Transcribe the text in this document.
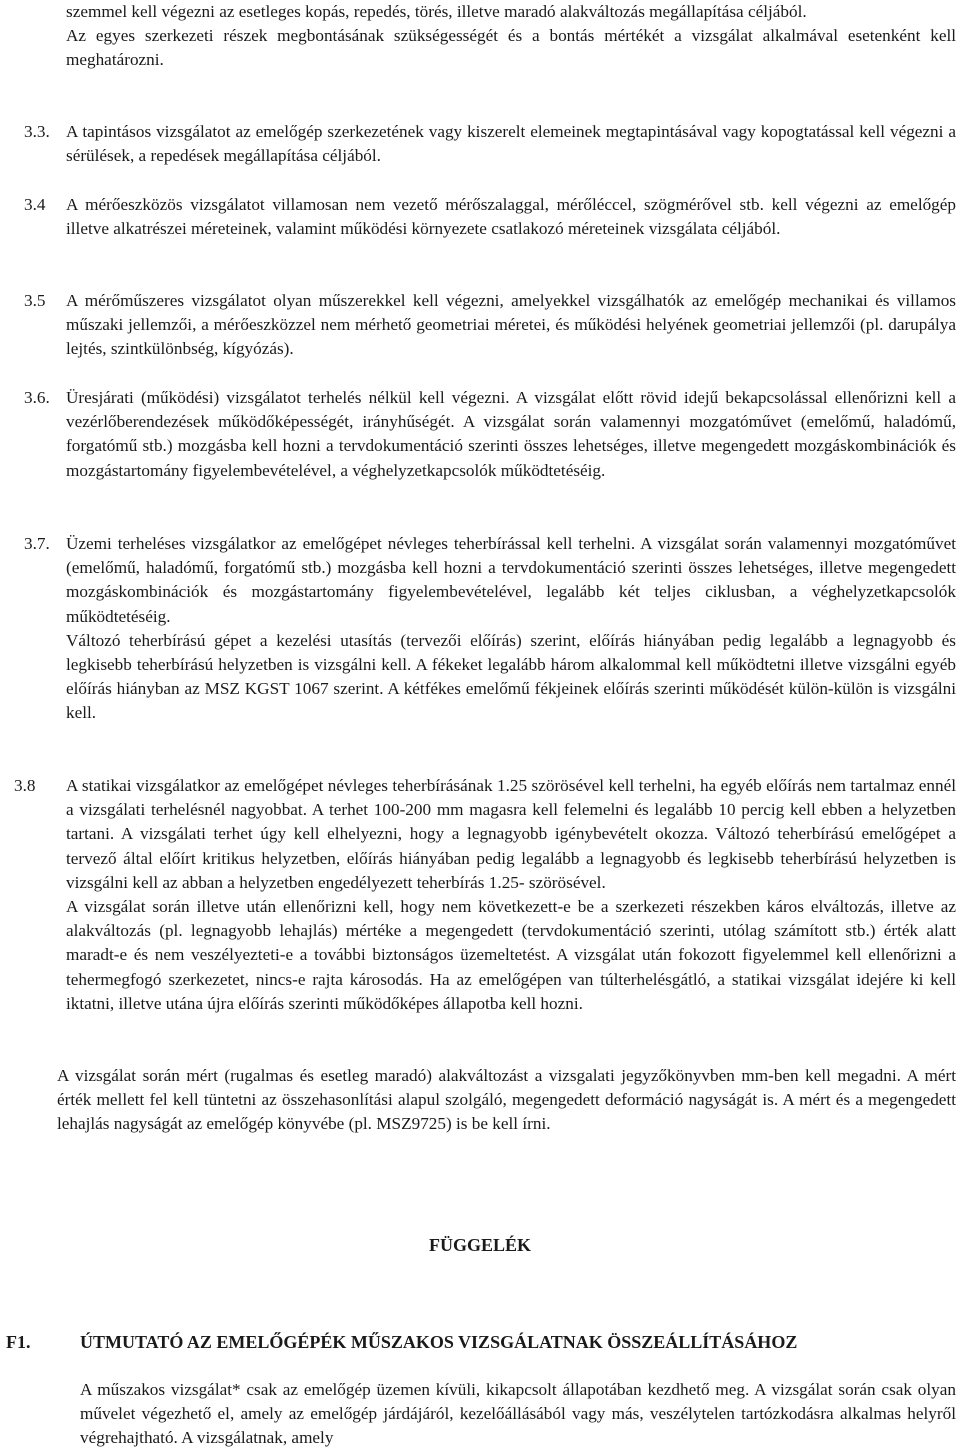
szemmel kell végezni az esetleges kopás, repedés, törés, illetve maradó alakváltozás megállapítása céljából.

Az egyes szerkezeti részek megbontásának szükségességét és a bontás mértékét a vizsgálat alkalmával esetenként kell meghatározni.

3.3. A tapintásos vizsgálatot az emelőgép szerkezetének vagy kiszerelt elemeinek megtapintásával vagy kopogtatással kell végezni a sérülések, a repedések megállapítása céljából.
3.4 A mérőeszközös vizsgálatot villamosan nem vezető mérőszalaggal, mérőléccel, szögmérővel stb. kell végezni az emelőgép illetve alkatrészei méreteinek, valamint működési környezete csatlakozó méreteinek vizsgálata céljából.
3.5 A mérőműszeres vizsgálatot olyan műszerekkel kell végezni, amelyekkel vizsgálhatók az emelőgép mechanikai és villamos műszaki jellemzői, a mérőeszközzel nem mérhető geometriai méretei, és működési helyének geometriai jellemzői (pl. darupálya lejtés, szintkülönbség, kígyózás).
3.6. Üresjárati (működési) vizsgálatot terhelés nélkül kell végezni. A vizsgálat előtt rövid idejű bekapcsolással ellenőrizni kell a vezérlőberendezések működőképességét, irányhűségét. A vizsgálat során valamennyi mozgatóművet (emelőmű, haladómű, forgatómű stb.) mozgásba kell hozni a tervdokumentáció szerinti összes lehetséges, illetve megengedett mozgáskombinációk és mozgástartomány figyelembevételével, a véghelyzetkapcsolók működtetéséig.
3.7. Üzemi terheléses vizsgálatkor az emelőgépet névleges teherbírással kell terhelni. A vizsgálat során valamennyi mozgatóművet (emelőmű, haladómű, forgatómű stb.) mozgásba kell hozni a tervdokumentáció szerinti összes lehetséges, illetve megengedett mozgáskombinációk és mozgástartomány figyelembevételével, legalább két teljes ciklusban, a véghelyzetkapcsolók működtetéséig.

Változó teherbírású gépet a kezelési utasítás (tervezői előírás) szerint, előírás hiányában pedig legalább a legnagyobb és legkisebb teherbírású helyzetben is vizsgálni kell. A fékeket legalább három alkalommal kell működtetni illetve vizsgálni egyéb előírás hiányban az MSZ KGST 1067 szerint. A kétfékes emelőmű fékjeinek előírás szerinti működését külön-külön is vizsgálni kell.

3.8 A statikai vizsgálatkor az emelőgépet névleges teherbírásának 1.25 szörösével kell terhelni, ha egyéb előírás nem tartalmaz ennél a vizsgálati terhelésnél nagyobbat. A terhet 100-200 mm magasra kell felemelni és legalább 10 percig kell ebben a helyzetben tartani. A vizsgálati terhet úgy kell elhelyezni, hogy a legnagyobb igénybevételt okozza. Változó teherbírású emelőgépet a tervező által előírt kritikus helyzetben, előírás hiányában pedig legalább a legnagyobb és legkisebb teherbírású helyzetben is vizsgálni kell az abban a helyzetben engedélyezett teherbírás 1.25- szörösével.

A vizsgálat során illetve után ellenőrizni kell, hogy nem következett-e be a szerkezeti részekben káros elváltozás, illetve az alakváltozás (pl. legnagyobb lehajlás) mértéke a megengedett (tervdokumentáció szerinti, utólag számított stb.) érték alatt maradt-e és nem veszélyezteti-e a további biztonságos üzemeltetést. A vizsgálat után fokozott figyelemmel kell ellenőrizni a tehermegfogó szerkezetet, nincs-e rajta károsodás. Ha az emelőgépen van túlterhelésgátló, a statikai vizsgálat idejére ki kell iktatni, illetve utána újra előírás szerinti működőképes állapotba kell hozni.

A vizsgálat során mért (rugalmas és esetleg maradó) alakváltozást a vizsgalati jegyzőkönyvben mm-ben kell megadni. A mért érték mellett fel kell tüntetni az összehasonlítási alapul szolgáló, megengedett deformáció nagyságát is. A mért és a megengedett lehajlás nagyságát az emelőgép könyvébe (pl. MSZ9725) is be kell írni.
FÜGGELÉK
F1.	ÚTMUTATÓ AZ EMELŐGÉPÉK MŰSZAKOS VIZSGÁLATNAK ÖSSZEÁLLÍTÁSÁHOZ
A műszakos vizsgálat* csak az emelőgép üzemen kívüli, kikapcsolt állapotában kezdhető meg. A vizsgálat során csak olyan művelet végezhető el, amely az emelőgép járdájáról, kezelőállásából vagy más, veszélytelen tartózkodásra alkalmas helyről végrehajtható. A vizsgálatnak, amely
